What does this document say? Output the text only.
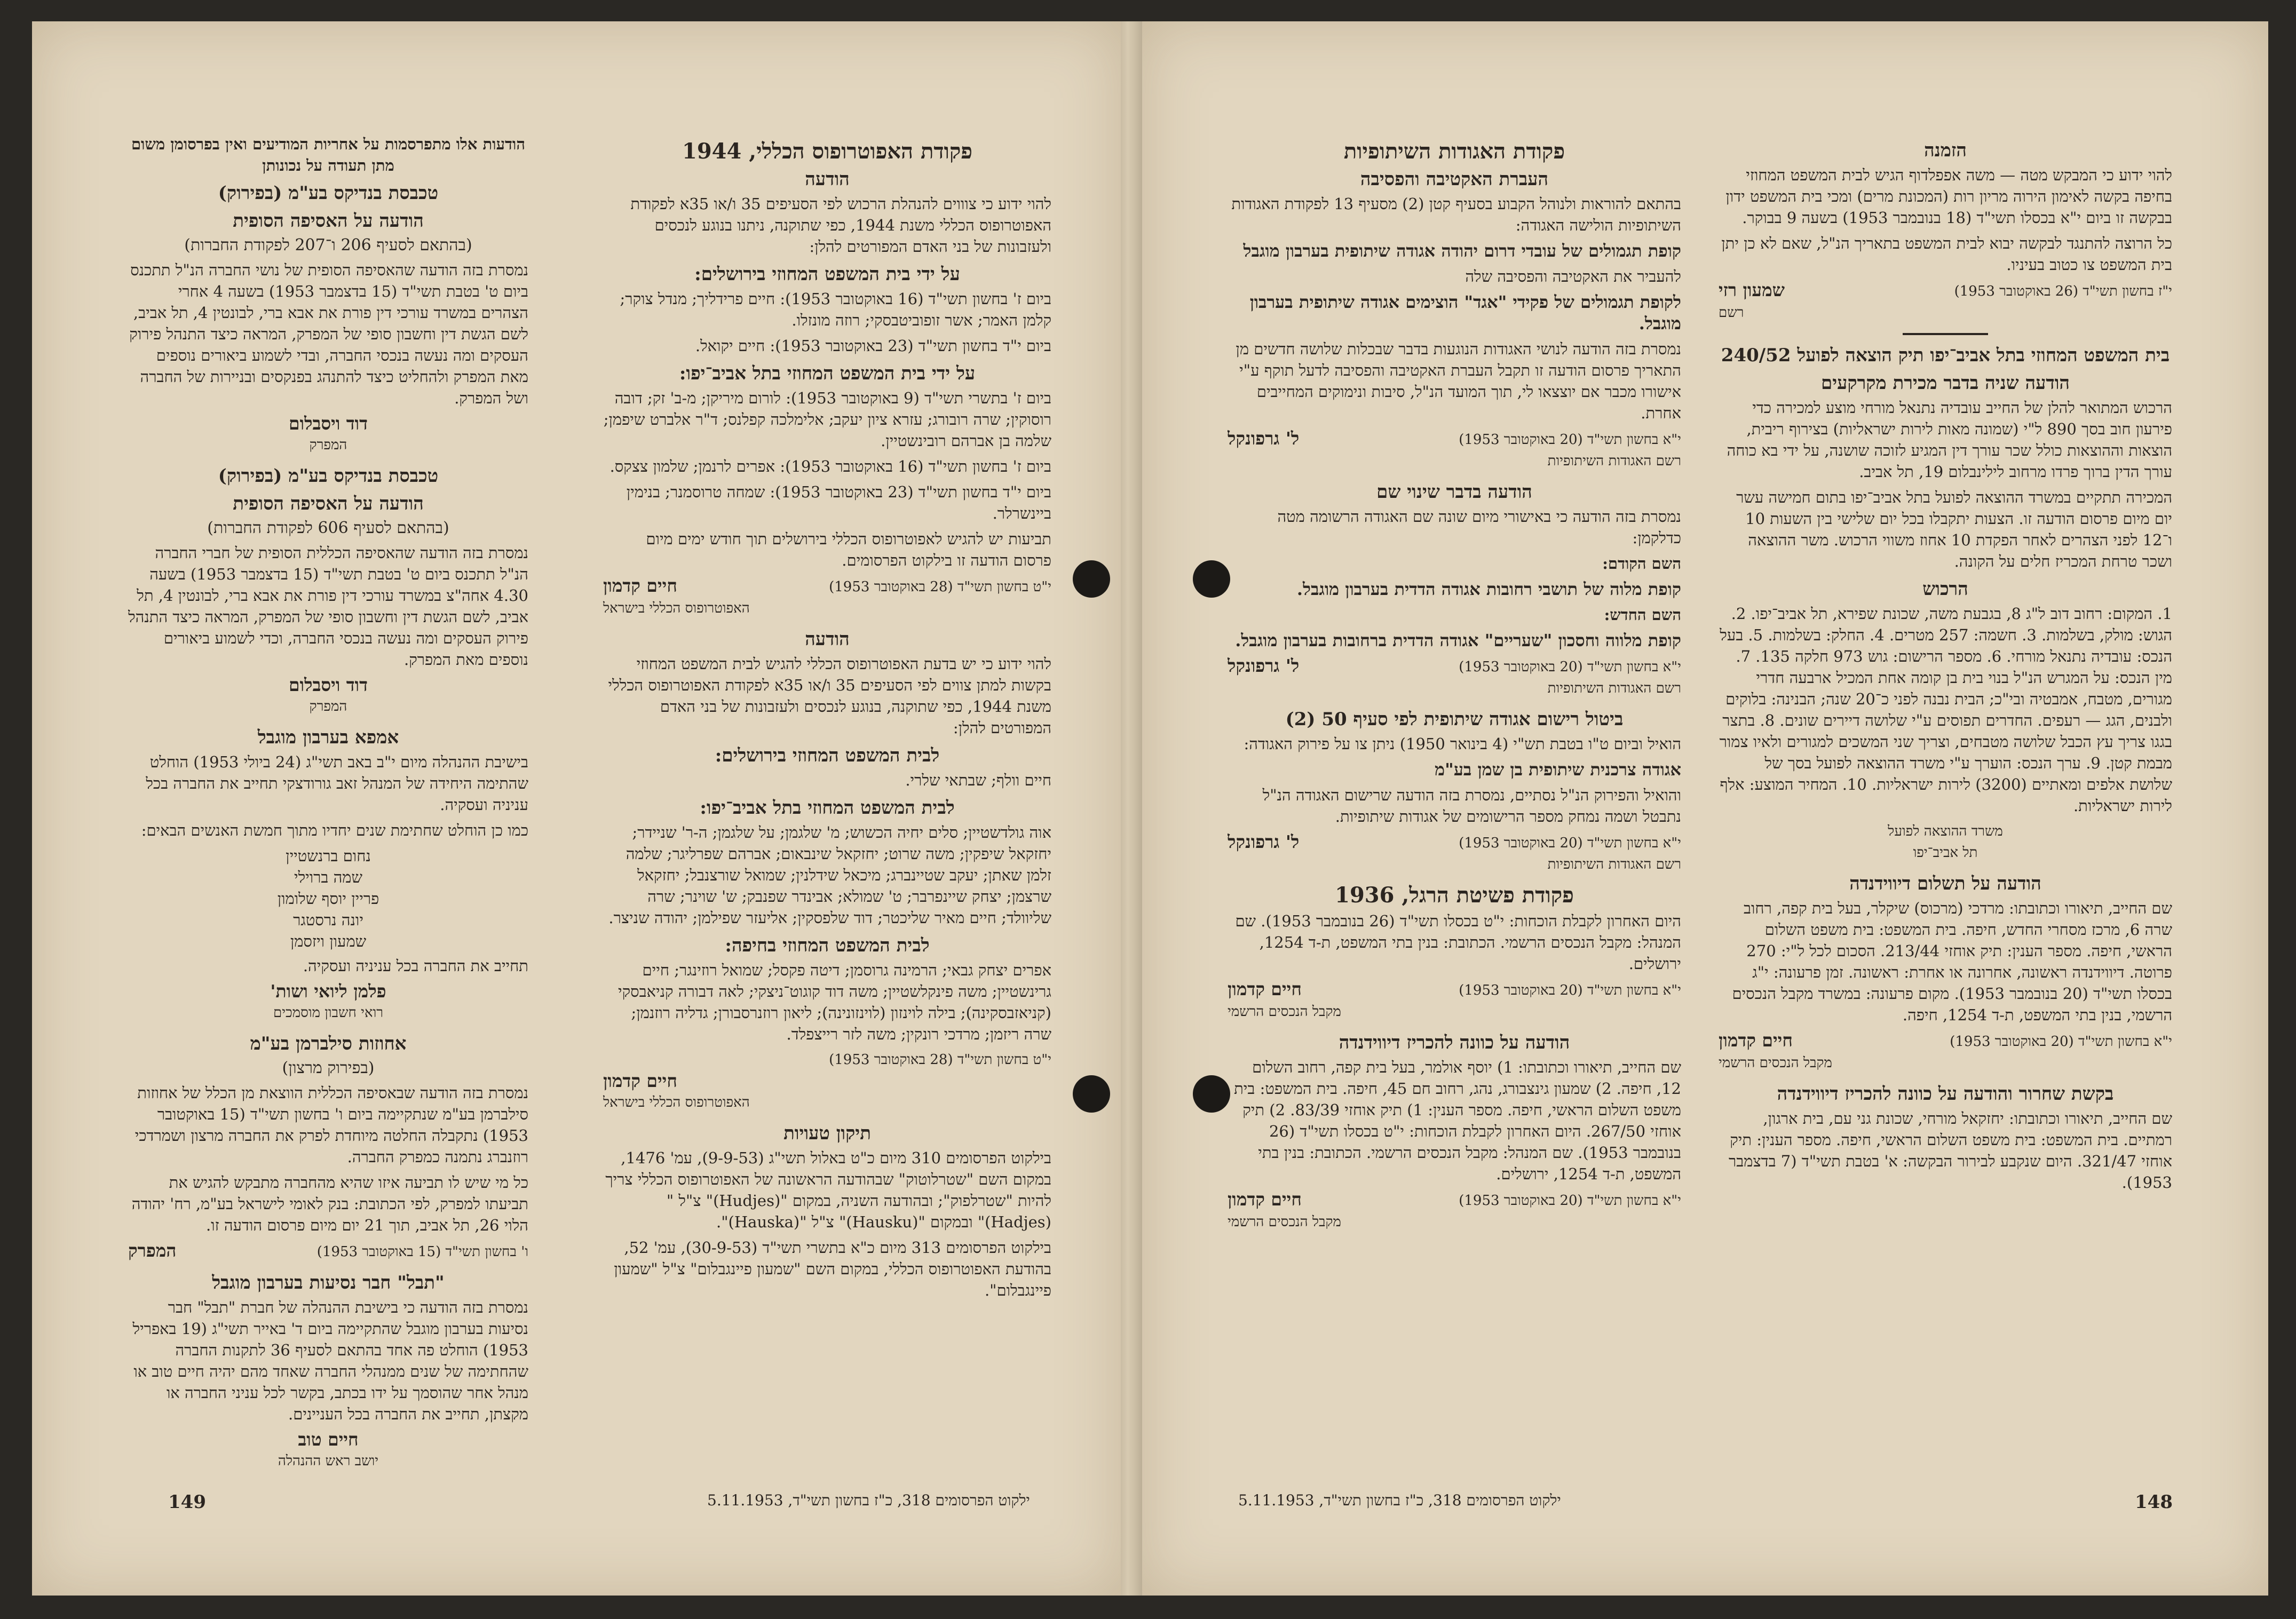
הודעות אלו מתפרסמות על אחריות המודיעים ואין בפרסומן משום מתן תעודה על נכונותן

טכבסת בנדיקס בע"מ (בפירוק)
הודעה על האסיפה הסופית
(בהתאם לסעיף 206 ו־207 לפקודת החברות)

נמסרת בזה הודעה שהאסיפה הסופית של נושי החברה הנ"ל תתכנס ביום ט' בטבת תשי"ד (15 בדצמבר 1953) בשעה 4 אחרי הצהרים במשרד עורכי דין פורת את אבא ברי, לבונטין 4, תל אביב, לשם הגשת דין וחשבון סופי של המפרק, המראה כיצד התנהל פירוק העסקים ומה נעשה בנכסי החברה, ובדי לשמוע ביאורים נוספים מאת המפרק ולהחליט כיצד להתנהג בפנקסים ובניירות של החברה ושל המפרק.

דוד ויסבלום
המפרק
טכבסת בנדיקס בע"מ (בפירוק)
הודעה על האסיפה הסופית
(בהתאם לסעיף 606 לפקודת החברות)

נמסרת בזה הודעה שהאסיפה הכללית הסופית של חברי החברה הנ"ל תתכנס ביום ט' בטבת תשי"ד (15 בדצמבר 1953) בשעה 4.30 אחה"צ במשרד עורכי דין פורת את אבא ברי, לבונטין 4, תל אביב, לשם הגשת דין וחשבון סופי של המפרק, המראה כיצד התנהל פירוק העסקים ומה נעשה בנכסי החברה, וכדי לשמוע ביאורים נוספים מאת המפרק.

דוד ויסבלום
המפרק
אמפא בערבון מוגבל

בישיבת ההנהלה מיום י"ב באב תשי"ג (24 ביולי 1953) הוחלט שהתימה היחידה של המנהל זאב גורודצקי תחייב את החברה בכל עניניה ועסקיה.

כמו כן הוחלט שחתימת שנים יחדיו מתוך חמשת האנשים הבאים:

נחום ברנשטיין
שמה ברוילי
פריין יוסף שלומון
יונה נרסטגר
שמעון ויזסמן

תחייב את החברה בכל עניניה ועסקיה.

פלמן ליואי ושות'
רואי חשבון מוסמכים
אחוזות סילברמן בע"מ
(בפירוק מרצון)

נמסרת בזה הודעה שבאסיפה הכללית הווצאת מן הכלל של אחוזות סילברמן בע"מ שנתקיימה ביום ו' בחשון תשי"ד (15 באוקטובר 1953) נתקבלה החלטה מיוחדת לפרק את החברה מרצון ושמרדכי רוזנברג נתמנה כמפרק החברה.

כל מי שיש לו תביעה איזו שהיא מהחברה מתבקש להגיש את תביעתו למפרק, לפי הכתובת: בנק לאומי לישראל בע"מ, רח' יהודה הלוי 26, תל אביב, תוך 21 יום מיום פרסום הודעה זו.

המפרק	ו' בחשון תשי"ד (15 באוקטובר 1953)
"תבל" חבר נסיעות בערבון מוגבל

נמסרת בזה הודעה כי בישיבת ההנהלה של חברת "תבל" חבר נסיעות בערבון מוגבל שהתקיימה ביום ד' באייר תשי"ג (19 באפריל 1953) הוחלט פה אחד בהתאם לסעיף 36 לתקנות החברה שהחתימה של שנים ממנהלי החברה שאחד מהם יהיה חיים טוב או מנהל אחר שהוסמך על ידו בכתב, בקשר לכל עניני החברה או מקצתן, תחייב את החברה בכל העניינים.

חיים טוב
יושב ראש ההנהלה
פקודת האפוטרופוס הכללי, 1944
הודעה

להוי ידוע כי צוווים להנהלת הרכוש לפי הסעיפים 35 ו/או 35א לפקודת האפוטרופוס הכללי משנת 1944, כפי שתוקנה, ניתנו בנוגע לנכסים ולעזבונות של בני האדם המפורטים להלן:

על ידי בית המשפט המחוזי בירושלים:

ביום ז' בחשון תשי"ד (16 באוקטובר 1953): חיים פרידליך; מנדל צוקר; קלמן האמר; אשר זופוביטבסקי; רוזה מונזלו.

ביום י"ד בחשון תשי"ד (23 באוקטובר 1953): חיים יקואל.

על ידי בית המשפט המחוזי בתל אביב־יפו:

ביום ז' בתשרי תשי"ד (9 באוקטובר 1953): לורום מיריקן; מ-ב' זק; דובה רוסוקין; שרה רובורג; עזרא ציון יעקב; אלימלכה קפלנס; ד"ר אלברט שיפמן; שלמה בן אברהם רובינשטיין.

ביום ז' בחשון תשי"ד (16 באוקטובר 1953): אפרים לרנמן; שלמון צצקס.

ביום י"ד בחשון תשי"ד (23 באוקטובר 1953): שמחה טרוסמנר; בנימין ביינשרלר.

תביעות יש להגיש לאפוטרופוס הכללי בירושלים תוך חודש ימים מיום פרסום הודעה זו בילקוט הפרסומים.

חיים קדמון	י"ט בחשון תשי"ד (28 באוקטובר 1953)
האפוטרופוס הכללי בישראל
הודעה

להוי ידוע כי יש בדעת האפוטרופוס הכללי להגיש לבית המשפט המחוזי בקשות למתן צווים לפי הסעיפים 35 ו/או 35א לפקודת האפוטרופוס הכללי משנת 1944, כפי שתוקנה, בנוגע לנכסים ולעזבונות של בני האדם המפורטים להלן:

לבית המשפט המחוזי בירושלים:

חיים וולף; שבתאי שלרי.

לבית המשפט המחוזי בתל אביב־יפו:

אוה גולדשטיין; סלים יחיה הכשוש; מ' שלגמן; על שלגמן; ה-ר' שניידר; יחזקאל שיפקין; משה שרוט; יחזקאל שינבאום; אברהם שפרליגר; שלמה זלמן שאתן; יעקב שטיינברג; מיכאל שידלנין; שמואל שורצנבל; יחזקאל שרצמן; יצחק שיינפרבר; ט' שמולא; אבינדר שפנבק; ש' שוינר; שרה שליוולד; חיים מאיר שליכטר; דוד שלפסקין; אליעזר שפילמן; יהודה שניצר.

לבית המשפט המחוזי בחיפה:

אפרים יצחק גבאי; הרמינה גרוסמן; דיטה פקסל; שמואל רוזינגר; חיים גרינשטיין; משה פינקלשטיין; משה דוד קוגוט־ניצקי; לאה דבורה קניאבסקי (קניאזבסקינה); בילה לוינזון (לוינזונינה); ליאון רוזנרסבורן; גדליה רוזנמן; שרה ריזמן; מרדכי רונקין; משה לזר רייצפלד.

י"ט בחשון תשי"ד (28 באוקטובר 1953)
חיים קדמון
האפוטרופוס הכללי בישראל
תיקון טעויות

בילקוט הפרסומים 310 מיום כ"ט באלול תשי"ג (9-9-53), עמ' 1476, במקום השם "שטרלוטוק" שבהודעה הראשונה של האפוטרופוס הכללי צריך להיות "שטרלפוק"; ובהודעה השניה, במקום "(Hudjes)" צ"ל "(Hadjes)" ובמקום "(Hausku)" צ"ל "(Hauska)".

בילקוט הפרסומים 313 מיום כ"א בתשרי תשי"ד (30-9-53), עמ' 52, בהודעת האפוטרופוס הכללי, במקום השם "שמעון פיינגבלום" צ"ל "שמעון פיינגבלום".

149	ילקוט הפרסומים 318, כ"ז בחשון תשי"ד, 5.11.1953
פקודת האגודות השיתופיות
העברת האקטיבה והפסיבה

בהתאם להוראות ולנוהל הקבוע בסעיף קטן (2) מסעיף 13 לפקודת האגודות השיתופיות הולישה האגודה:

קופת תגמולים של עובדי דרום יהודה אגודה שיתופית בערבון מוגבל

להעביר את האקטיבה והפסיבה שלה

לקופת תגמולים של פקידי "אגד" הוצימים אגודה שיתופית בערבון מוגבל.

נמסרת בזה הודעה לנושי האגודות הנוגעות בדבר שבכלות שלושה חדשים מן התאריך פרסום הודעה זו תקבל העברת האקטיבה והפסיבה לדעל תוקף ע"י אישורו מכבר אם יוצצאו לי, תוך המועד הנ"ל, סיבות ונימוקים המחייבים אחרת.

ל' גרפונקל	י"א בחשון תשי"ד (20 באוקטובר 1953)
רשם האגודות השיתופיות
הודעה בדבר שינוי שם

נמסרת בזה הודעה כי באישורי מיום שונה שם האגודה הרשומה מטה כדלקמן:

השם הקודם:

קופת מלוה של תושבי רחובות אגודה הדדית בערבון מוגבל.

השם החדש:

קופת מלווה וחסכון "שעריים" אגודה הדדית ברחובות בערבון מוגבל.

ל' גרפונקל	י"א בחשון תשי"ד (20 באוקטובר 1953)
רשם האגודות השיתופיות
ביטול רישום אגודה שיתופית לפי סעיף 50 (2)

הואיל וביום ט"ו בטבת תש"י (4 בינואר 1950) ניתן צו על פירוק האגודה:

אגודה צרכנית שיתופית בן שמן בע"מ

והואיל והפירוק הנ"ל נסתיים, נמסרת בזה הודעה שרישום האגודה הנ"ל נתבטל ושמה נמחק מספר הרישומים של אגודות שיתופיות.

ל' גרפונקל	י"א בחשון תשי"ד (20 באוקטובר 1953)
רשם האגודות השיתופיות
פקודת פשיטת הרגל, 1936

היום האחרון לקבלת הוכחות: י"ט בכסלו תשי"ד (26 בנובמבר 1953). שם המנהל: מקבל הנכסים הרשמי. הכתובת: בנין בתי המשפט, ת-ד 1254, ירושלים.

חיים קדמון	י"א בחשון תשי"ד (20 באוקטובר 1953)
מקבל הנכסים הרשמי
הודעה על כוונה להכריז דיווידנדה

שם החייב, תיאורו וכתובתו: 1) יוסף אולמר, בעל בית קפה, רחוב השלום 12, חיפה. 2) שמעון גינצבורג, נהג, רחוב חם 45, חיפה. בית המשפט: בית משפט השלום הראשי, חיפה. מספר הענין: 1) תיק אוחזי 83/39. 2) תיק אוחזי 267/50. היום האחרון לקבלת הוכחות: י"ט בכסלו תשי"ד (26 בנובמבר 1953). שם המנהל: מקבל הנכסים הרשמי. הכתובת: בנין בתי המשפט, ת-ד 1254, ירושלים.

חיים קדמון	י"א בחשון תשי"ד (20 באוקטובר 1953)
מקבל הנכסים הרשמי
הזמנה

להוי ידוע כי המבקש מטה — משה אפפלדוף הגיש לבית המשפט המחוזי בחיפה בקשה לאימון הירוה מריון רות (המכונת מרים) ומכי בית המשפט ידון בבקשה זו ביום י"א בכסלו תשי"ד (18 בנובמבר 1953) בשעה 9 בבוקר.

כל הרוצה להתנגד לבקשה יבוא לבית המשפט בתאריך הנ"ל, שאם לא כן יתן בית המשפט צו כטוב בעיניו.

שמעון רזי	י"ז בחשון תשי"ד (26 באוקטובר 1953)
רשם
בית המשפט המחוזי בתל אביב־יפו תיק הוצאה לפועל 240/52
הודעה שניה בדבר מכירת מקרקעים

הרכוש המתואר להלן של החייב עובדיה נתנאל מורחי מוצע למכירה כדי פירעון חוב בסך 890 ל"י (שמונה מאות לירות ישראליות) בצירוף ריבית, הוצאות וההוצאות כולל שכר עורך דין המגיע לזוכה שושנה, על ידי בא כוחה עורך הדין ברוך פרדו מרחוב לילינבלום 19, תל אביב.

המכירה תתקיים במשרד ההוצאה לפועל בתל אביב־יפו בתום חמישה עשר יום מיום פרסום הודעה זו. הצעות יתקבלו בכל יום שלישי בין השעות 10 ו־12 לפני הצהרים לאחר הפקדת 10 אחוז משווי הרכוש. משר ההוצאה ושכר טרחת המכריז חלים על הקונה.

הרכוש

1. המקום: רחוב דוב ל"ג 8, בגבעת משה, שכונת שפירא, תל אביב־יפו. 2. הגוש: מולק, בשלמות. 3. חשמה: 257 מטרים. 4. החלק: בשלמות. 5. בעל הנכס: עובדיה נתנאל מורחי. 6. מספר הרישום: גוש 973 חלקה 135. 7. מין הנכס: על המגרש הנ"ל בנוי בית בן קומה אחת המכיל ארבעה חדרי מגורים, מטבח, אמבטיה ובי"כ; הבית נבנה לפני כ־20 שנה; הבנינה: בלוקים ולבנים, הגג — רעפים. החדרים תפוסים ע"י שלושה דיירים שונים. 8. בתצר בגגו צריך עץ הכבל שלושה מטבחים, וצריך שני המשכים למגורים ולאיו צמור מבמת קטן. 9. ערך הנכס: הוערך ע"י משרד ההוצאה לפועל בסך של שלושת אלפים ומאתיים (3200) לירות ישראליות. 10. המחיר המוצע: אלף לירות ישראליות.

משרד ההוצאה לפועל
תל אביב־יפו
הודעה על תשלום דיווידנדה

שם החייב, תיאורו וכתובתו: מרדכי (מרכוס) שיקלר, בעל בית קפה, רחוב שרה 6, מרכז מסחרי החדש, חיפה. בית המשפט: בית משפט השלום הראשי, חיפה. מספר הענין: תיק אוחזי 213/44. הסכום לכל ל"י: 270 פרוטה. דיווידנדה ראשונה, אחרונה או אחרת: ראשונה. זמן פרעונה: י"ג בכסלו תשי"ד (20 בנובמבר 1953). מקום פרעונה: במשרד מקבל הנכסים הרשמי, בנין בתי המשפט, ת-ד 1254, חיפה.

חיים קדמון	י"א בחשון תשי"ד (20 באוקטובר 1953)
מקבל הנכסים הרשמי
בקשת שחרור והודעה על כוונה להכריז דיווידנדה

שם החייב, תיאורו וכתובתו: יחזקאל מורחי, שכונת גני עם, בית ארגון, רמתיים. בית המשפט: בית משפט השלום הראשי, חיפה. מספר הענין: תיק אוחזי 321/47. היום שנקבע לבירור הבקשה: א' בטבת תשי"ד (7 בדצמבר 1953).

ילקוט הפרסומים 318, כ"ז בחשון תשי"ד, 5.11.1953	148
